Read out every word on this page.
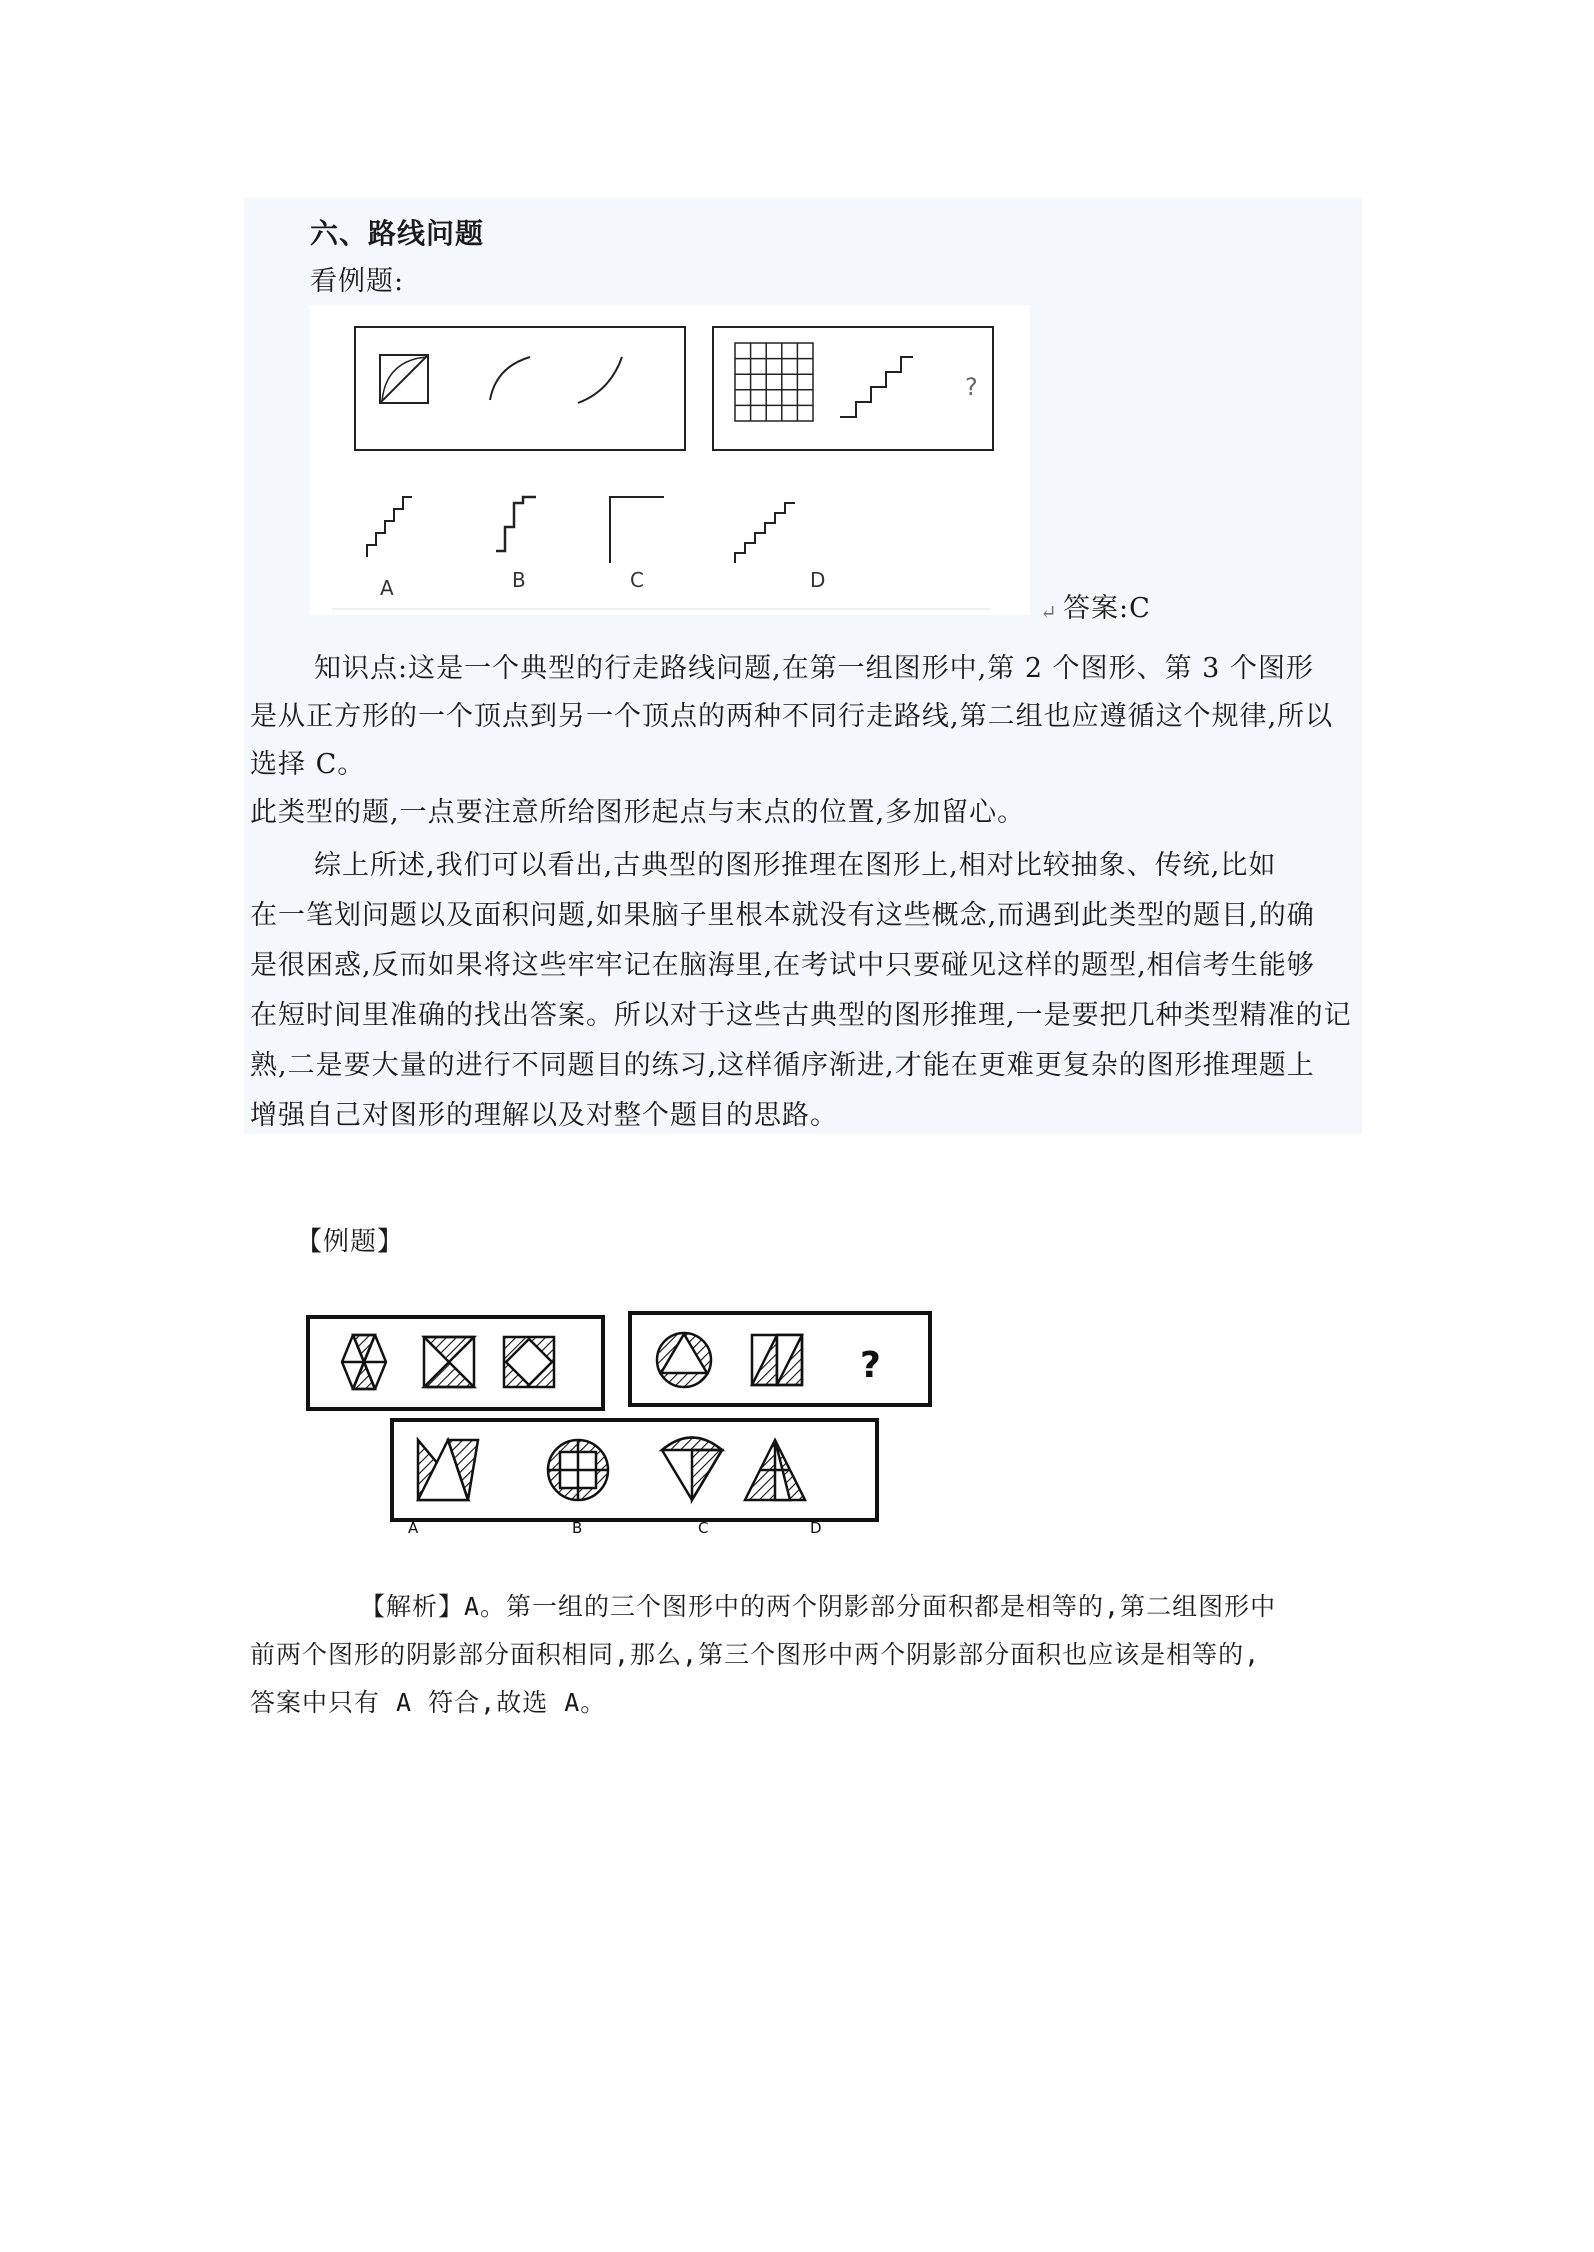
六、路线问题
看例题:
?
A	B	C	D
↵ 答案:C
知识点:这是一个典型的行走路线问题,在第一组图形中,第 2 个图形、第 3 个图形
是从正方形的一个顶点到另一个顶点的两种不同行走路线,第二组也应遵循这个规律,所以
选择 C。
此类型的题,一点要注意所给图形起点与末点的位置,多加留心。
综上所述,我们可以看出,古典型的图形推理在图形上,相对比较抽象、传统,比如
在一笔划问题以及面积问题,如果脑子里根本就没有这些概念,而遇到此类型的题目,的确
是很困惑,反而如果将这些牢牢记在脑海里,在考试中只要碰见这样的题型,相信考生能够
在短时间里准确的找出答案。所以对于这些古典型的图形推理,一是要把几种类型精准的记
熟,二是要大量的进行不同题目的练习,这样循序渐进,才能在更难更复杂的图形推理题上
增强自己对图形的理解以及对整个题目的思路。
【例题】
?
A	B	C	D
【解析】A。第一组的三个图形中的两个阴影部分面积都是相等的,第二组图形中
前两个图形的阴影部分面积相同,那么,第三个图形中两个阴影部分面积也应该是相等的,
答案中只有 A 符合,故选 A。
